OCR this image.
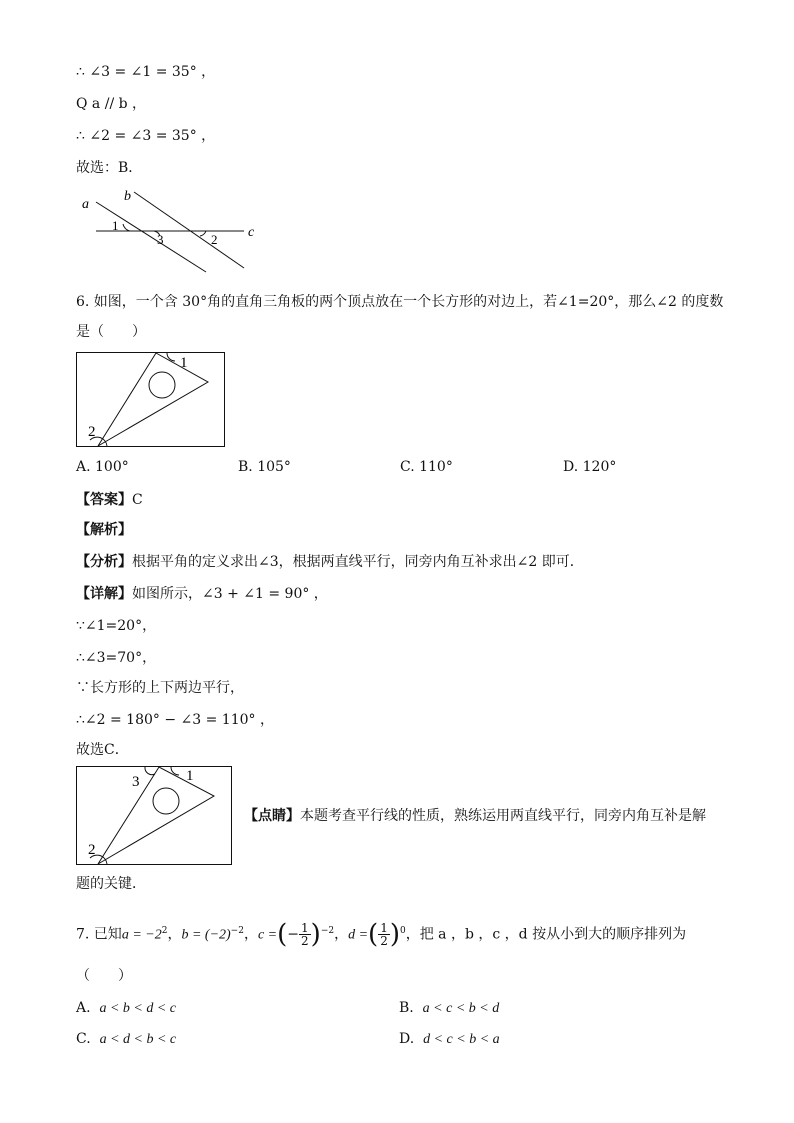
∴ ∠3 = ∠1 = 35° ，
Q a // b ，
∴ ∠2 = ∠3 = 35° ，
故选：B．
a
b
c
1
3	2
6. 如图，一个含 30°角的直角三角板的两个顶点放在一个长方形的对边上，若∠1=20°，那么∠2 的度数
是（　　）
1
2
A. 100°	B. 105°	C. 110°	D. 120°
【答案】C
【解析】
【分析】根据平角的定义求出∠3，根据两直线平行，同旁内角互补求出∠2 即可．
【详解】如图所示，∠3 + ∠1 = 90° ，
∵∠1=20°，
∴∠3=70°，
∵长方形的上下两边平行，
∴∠2 = 180° − ∠3 = 110° ，
故选C．
3	1
2
【点睛】本题考查平行线的性质，熟练运用两直线平行，同旁内角互补是解
题的关键．
7. 已知$a = -2^2$，$b = (-2)^{-2}$，c =(− $\frac{1}{2} )^{-2}$，d =( $\frac{1}{2} )^0$，把 a ，b ，c ，d 按从小到大的顺序排列为
（　　）
A. a < b < d < c	B. a < c < b < d
C. a < d < b < c	D. d < c < b < a
